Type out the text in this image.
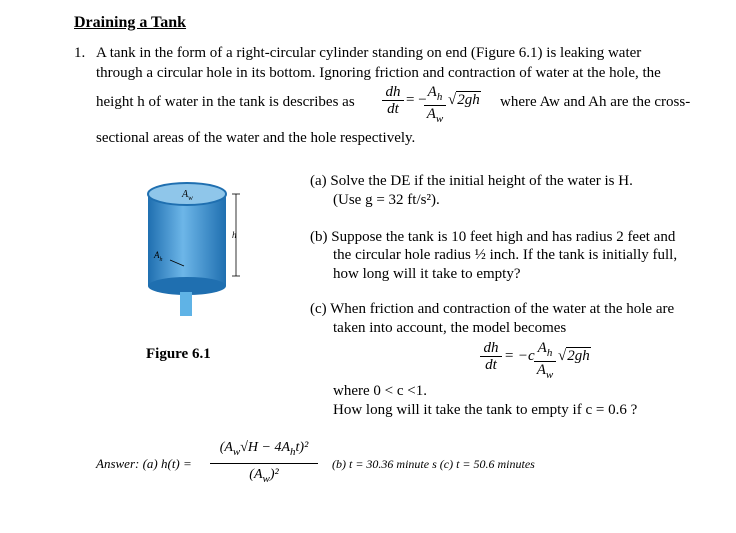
Draining a Tank
1. A tank in the form of a right-circular cylinder standing on end (Figure 6.1) is leaking water
through a circular hole in its bottom. Ignoring friction and contraction of water at the hole, the
height h of water in the tank is describes as
dh
dt
= − $A_h$
$A_w$
√2gh where Aw and Ah are the cross-
sectional areas of the water and the hole respectively.
$A_w$
$A_h$
h
Figure 6.1
(a) Solve the DE if the initial height of the water is H.
(Use g = 32 ft/s²).
(b) Suppose the tank is 10 feet high and has radius 2 feet and
the circular hole radius ½ inch. If the tank is initially full,
how long will it take to empty?
(c) When friction and contraction of the water at the hole are
taken into account, the model becomes
dh
dt
= −c $A_h$
$A_w$
√2gh
where 0 < c <1.
How long will it take the tank to empty if c = 0.6 ?
Answer: (a) h(t) =
$(A_w√H - 4A_ht)^2$
$(A_w)^2$
(b) t = 30.36 minute s (c) t = 50.6 minutes
